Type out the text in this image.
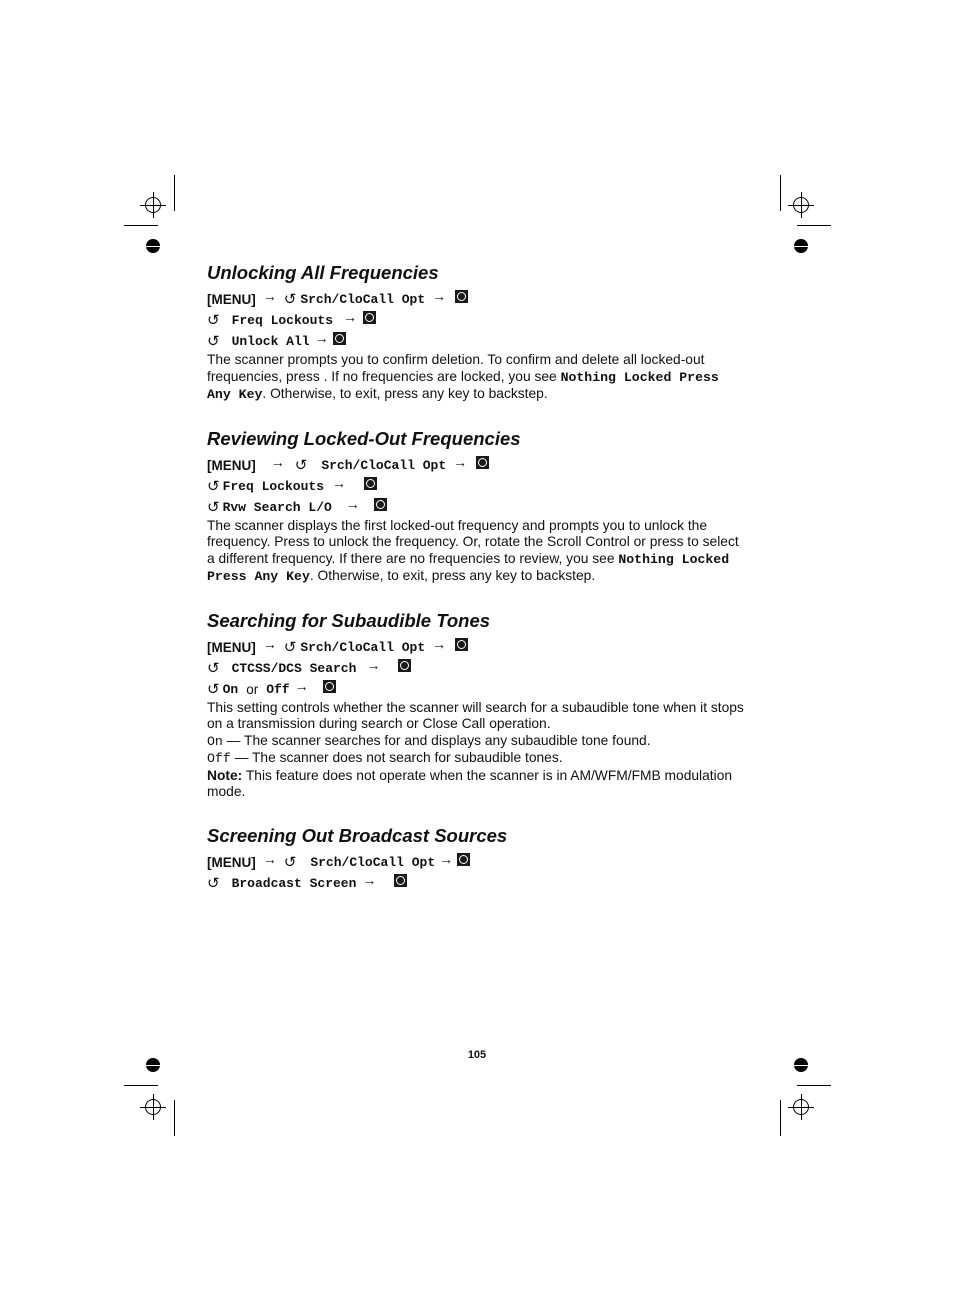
Unlocking All Frequencies
[MENU] → ↺ Srch/CloCall Opt →
↺ Freq Lockouts →
↺ Unlock All →

The scanner prompts you to confirm deletion. To confirm and delete all locked-out frequencies, press . If no frequencies are locked, you see Nothing Locked Press Any Key. Otherwise, to exit, press any key to backstep.

Reviewing Locked-Out Frequencies
[MENU] → ↺ Srch/CloCall Opt →
↺ Freq Lockouts →
↺ Rvw Search L/O →

The scanner displays the first locked-out frequency and prompts you to unlock the frequency. Press to unlock the frequency. Or, rotate the Scroll Control or press to select a different frequency. If there are no frequencies to review, you see Nothing Locked Press Any Key. Otherwise, to exit, press any key to backstep.

Searching for Subaudible Tones
[MENU] → ↺ Srch/CloCall Opt →
↺ CTCSS/DCS Search →
↺ On or Off →

This setting controls whether the scanner will search for a subaudible tone when it stops on a transmission during search or Close Call operation.

On — The scanner searches for and displays any subaudible tone found.

Off — The scanner does not search for subaudible tones.

Note: This feature does not operate when the scanner is in AM/WFM/FMB modulation mode.

Screening Out Broadcast Sources
[MENU] → ↺ Srch/CloCall Opt →
↺ Broadcast Screen →
105
